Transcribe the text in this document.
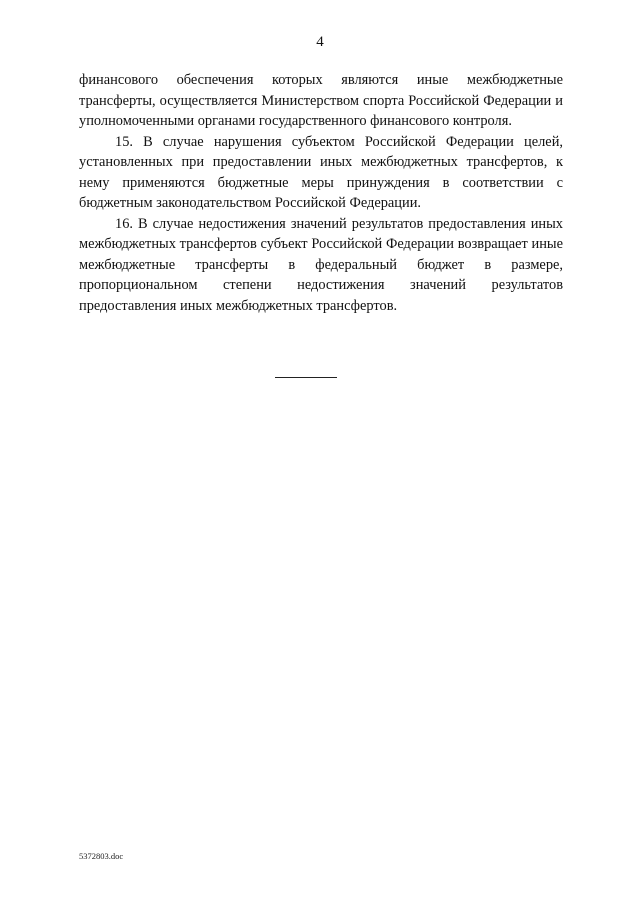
4

финансового обеспечения которых являются иные межбюджетные трансферты, осуществляется Министерством спорта Российской Федерации и уполномоченными органами государственного финансового контроля.

15. В случае нарушения субъектом Российской Федерации целей, установленных при предоставлении иных межбюджетных трансфертов, к нему применяются бюджетные меры принуждения в соответствии с бюджетным законодательством Российской Федерации.

16. В случае недостижения значений результатов предоставления иных межбюджетных трансфертов субъект Российской Федерации возвращает иные межбюджетные трансферты в федеральный бюджет в размере, пропорциональном степени недостижения значений результатов предоставления иных межбюджетных трансфертов.

5372803.doc
